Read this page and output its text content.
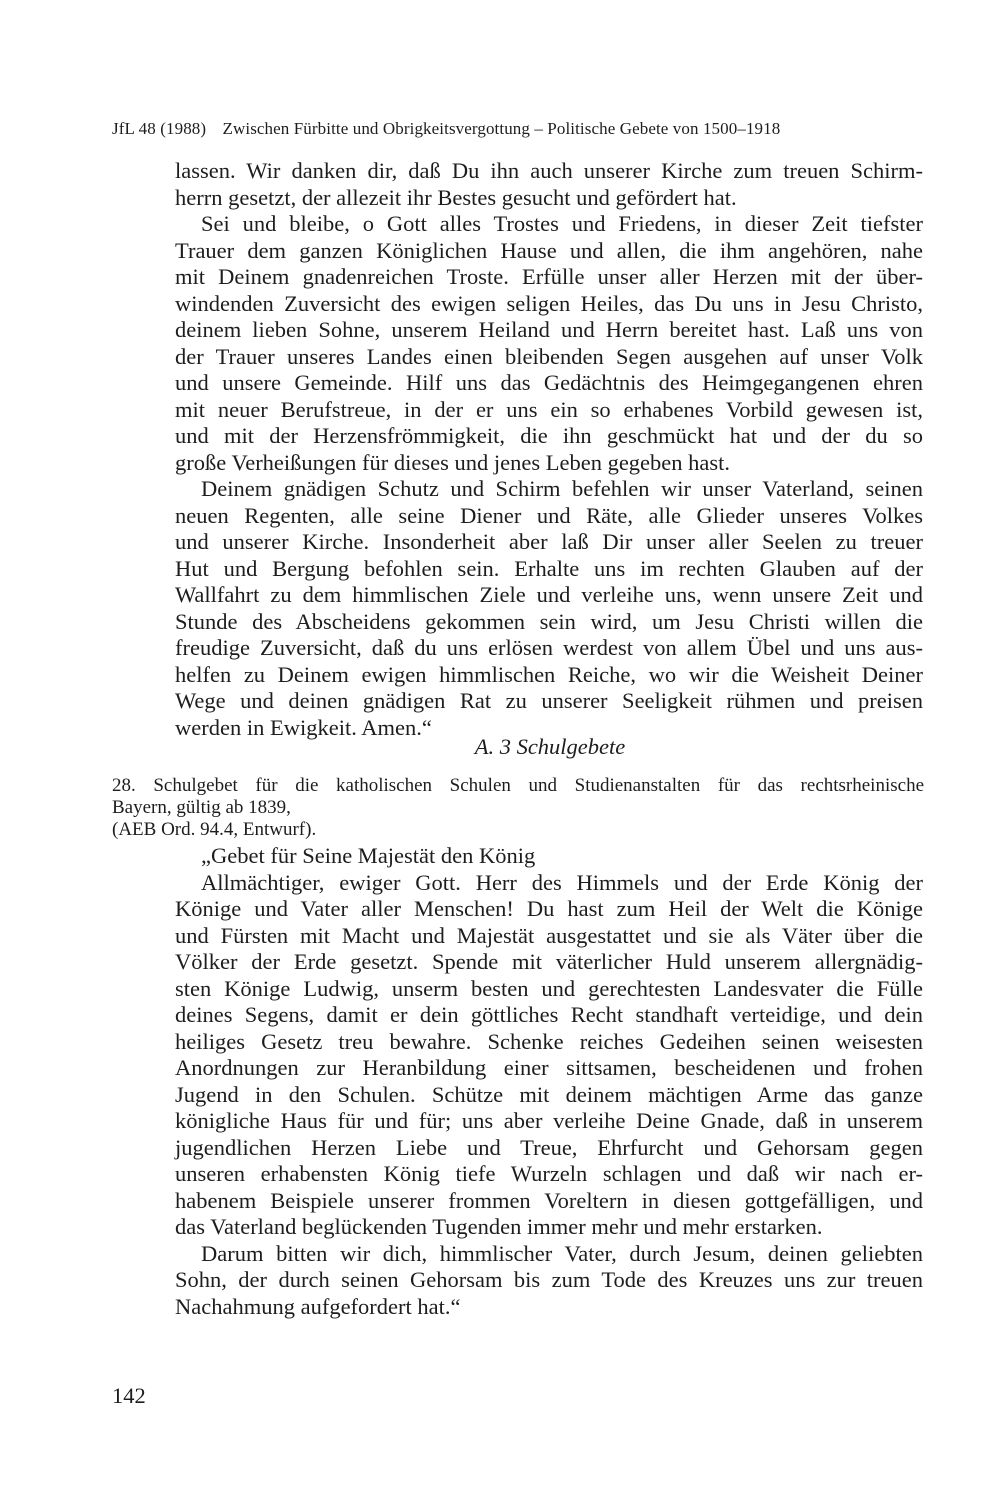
JfL 48 (1988) Zwischen Fürbitte und Obrigkeitsvergottung – Politische Gebete von 1500–1918
lassen. Wir danken dir, daß Du ihn auch unserer Kirche zum treuen Schirm-
herrn gesetzt, der allezeit ihr Bestes gesucht und gefördert hat.
Sei und bleibe, o Gott alles Trostes und Friedens, in dieser Zeit tiefster
Trauer dem ganzen Königlichen Hause und allen, die ihm angehören, nahe
mit Deinem gnadenreichen Troste. Erfülle unser aller Herzen mit der über-
windenden Zuversicht des ewigen seligen Heiles, das Du uns in Jesu Christo,
deinem lieben Sohne, unserem Heiland und Herrn bereitet hast. Laß uns von
der Trauer unseres Landes einen bleibenden Segen ausgehen auf unser Volk
und unsere Gemeinde. Hilf uns das Gedächtnis des Heimgegangenen ehren
mit neuer Berufstreue, in der er uns ein so erhabenes Vorbild gewesen ist,
und mit der Herzensfrömmigkeit, die ihn geschmückt hat und der du so
große Verheißungen für dieses und jenes Leben gegeben hast.
Deinem gnädigen Schutz und Schirm befehlen wir unser Vaterland, seinen
neuen Regenten, alle seine Diener und Räte, alle Glieder unseres Volkes
und unserer Kirche. Insonderheit aber laß Dir unser aller Seelen zu treuer
Hut und Bergung befohlen sein. Erhalte uns im rechten Glauben auf der
Wallfahrt zu dem himmlischen Ziele und verleihe uns, wenn unsere Zeit und
Stunde des Abscheidens gekommen sein wird, um Jesu Christi willen die
freudige Zuversicht, daß du uns erlösen werdest von allem Übel und uns aus-
helfen zu Deinem ewigen himmlischen Reiche, wo wir die Weisheit Deiner
Wege und deinen gnädigen Rat zu unserer Seeligkeit rühmen und preisen
werden in Ewigkeit. Amen.“
A. 3 Schulgebete
28. Schulgebet für die katholischen Schulen und Studienanstalten für das rechtsrheinische
Bayern, gültig ab 1839,
(AEB Ord. 94.4, Entwurf).
„Gebet für Seine Majestät den König
Allmächtiger, ewiger Gott. Herr des Himmels und der Erde König der
Könige und Vater aller Menschen! Du hast zum Heil der Welt die Könige
und Fürsten mit Macht und Majestät ausgestattet und sie als Väter über die
Völker der Erde gesetzt. Spende mit väterlicher Huld unserem allergnädig-
sten Könige Ludwig, unserm besten und gerechtesten Landesvater die Fülle
deines Segens, damit er dein göttliches Recht standhaft verteidige, und dein
heiliges Gesetz treu bewahre. Schenke reiches Gedeihen seinen weisesten
Anordnungen zur Heranbildung einer sittsamen, bescheidenen und frohen
Jugend in den Schulen. Schütze mit deinem mächtigen Arme das ganze
königliche Haus für und für; uns aber verleihe Deine Gnade, daß in unserem
jugendlichen Herzen Liebe und Treue, Ehrfurcht und Gehorsam gegen
unseren erhabensten König tiefe Wurzeln schlagen und daß wir nach er-
habenem Beispiele unserer frommen Voreltern in diesen gottgefälligen, und
das Vaterland beglückenden Tugenden immer mehr und mehr erstarken.
Darum bitten wir dich, himmlischer Vater, durch Jesum, deinen geliebten
Sohn, der durch seinen Gehorsam bis zum Tode des Kreuzes uns zur treuen
Nachahmung aufgefordert hat.“
142
